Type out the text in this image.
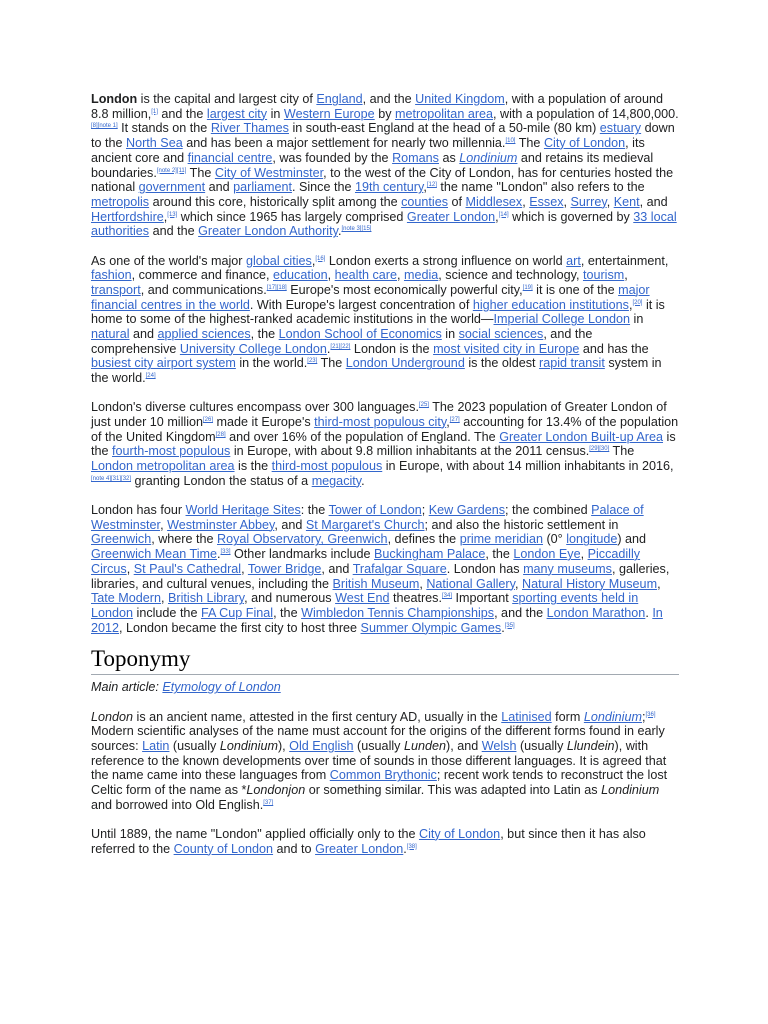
London is the capital and largest city of England, and the United Kingdom, with a population of around 8.8 million,[1] and the largest city in Western Europe by metropolitan area, with a population of 14,800,000.[8][note 1] It stands on the River Thames in south-east England at the head of a 50-mile (80 km) estuary down to the North Sea and has been a major settlement for nearly two millennia.[10] The City of London, its ancient core and financial centre, was founded by the Romans as Londinium and retains its medieval boundaries.[note 2][11] The City of Westminster, to the west of the City of London, has for centuries hosted the national government and parliament. Since the 19th century,[12] the name "London" also refers to the metropolis around this core, historically split among the counties of Middlesex, Essex, Surrey, Kent, and Hertfordshire,[13] which since 1965 has largely comprised Greater London,[14] which is governed by 33 local authorities and the Greater London Authority.[note 3][15]

As one of the world's major global cities,[16] London exerts a strong influence on world art, entertainment, fashion, commerce and finance, education, health care, media, science and technology, tourism, transport, and communications.[17][18] Europe's most economically powerful city,[19] it is one of the major financial centres in the world. With Europe's largest concentration of higher education institutions,[20] it is home to some of the highest-ranked academic institutions in the world—Imperial College London in natural and applied sciences, the London School of Economics in social sciences, and the comprehensive University College London.[21][22] London is the most visited city in Europe and has the busiest city airport system in the world.[23] The London Underground is the oldest rapid transit system in the world.[24]

London's diverse cultures encompass over 300 languages.[25] The 2023 population of Greater London of just under 10 million[26] made it Europe's third-most populous city,[27] accounting for 13.4% of the population of the United Kingdom[28] and over 16% of the population of England. The Greater London Built-up Area is the fourth-most populous in Europe, with about 9.8 million inhabitants at the 2011 census.[29][30] The London metropolitan area is the third-most populous in Europe, with about 14 million inhabitants in 2016,[note 4][31][32] granting London the status of a megacity.

London has four World Heritage Sites: the Tower of London; Kew Gardens; the combined Palace of Westminster, Westminster Abbey, and St Margaret's Church; and also the historic settlement in Greenwich, where the Royal Observatory, Greenwich, defines the prime meridian (0° longitude) and Greenwich Mean Time.[33] Other landmarks include Buckingham Palace, the London Eye, Piccadilly Circus, St Paul's Cathedral, Tower Bridge, and Trafalgar Square. London has many museums, galleries, libraries, and cultural venues, including the British Museum, National Gallery, Natural History Museum, Tate Modern, British Library, and numerous West End theatres.[34] Important sporting events held in London include the FA Cup Final, the Wimbledon Tennis Championships, and the London Marathon. In 2012, London became the first city to host three Summer Olympic Games.[35]

Toponymy

Main article: Etymology of London

London is an ancient name, attested in the first century AD, usually in the Latinised form Londinium;[36] Modern scientific analyses of the name must account for the origins of the different forms found in early sources: Latin (usually Londinium), Old English (usually Lunden), and Welsh (usually Llundein), with reference to the known developments over time of sounds in those different languages. It is agreed that the name came into these languages from Common Brythonic; recent work tends to reconstruct the lost Celtic form of the name as *Londonjon or something similar. This was adapted into Latin as Londinium and borrowed into Old English.[37]

Until 1889, the name "London" applied officially only to the City of London, but since then it has also referred to the County of London and to Greater London.[38]
